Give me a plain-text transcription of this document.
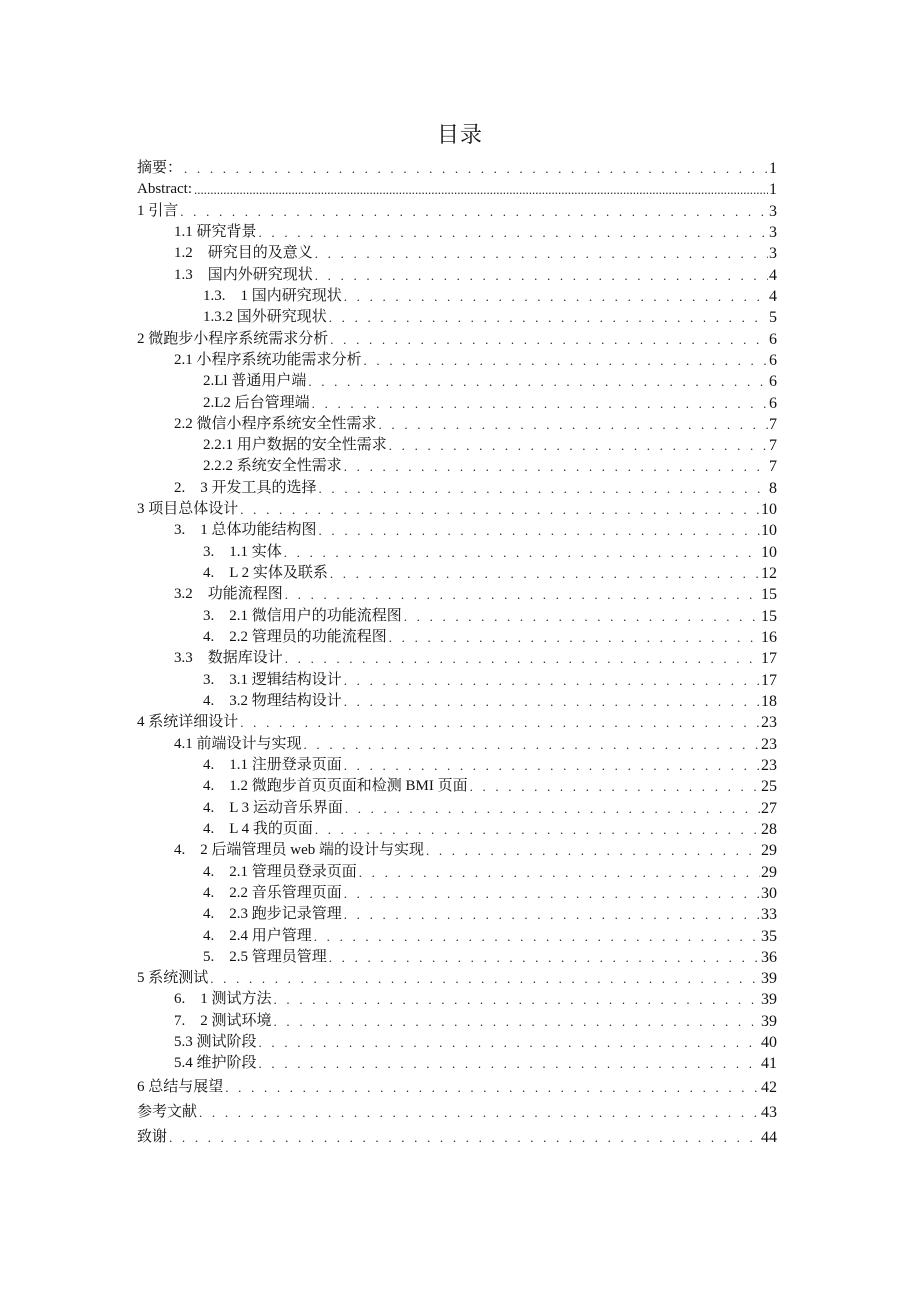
目录
摘要： . . .	1
Abstract: .....	1
1 引言 . . .	3
1.1 研究背景 . . .	3
1.2　研究目的及意义 . . .	3
1.3　国内外研究现状 . . .	4
1.3.　1 国内研究现状 . . .	4
1.3.2 国外研究现状 . . .	5
2 微跑步小程序系统需求分析 . . .	6
2.1 小程序系统功能需求分析 . . .	6
2.Ll 普通用户端 . . .	6
2.L2 后台管理端 . . .	6
2.2 微信小程序系统安全性需求 . . .	7
2.2.1 用户数据的安全性需求 . . .	7
2.2.2 系统安全性需求 . . .	7
2.　3 开发工具的选择 . . .	8
3 项目总体设计 . . .	10
3.　1 总体功能结构图 . . .	10
3.　1.1 实体 . . .	10
4.　L 2 实体及联系 . . .	12
3.2　功能流程图 . . .	15
3.　2.1 微信用户的功能流程图 . . .	15
4.　2.2 管理员的功能流程图 . . .	16
3.3　数据库设计 . . .	17
3.　3.1 逻辑结构设计 . . .	17
4.　3.2 物理结构设计 . . .	18
4 系统详细设计 . . .	23
4.1 前端设计与实现 . . .	23
4.　1.1 注册登录页面 . . .	23
4.　1.2 微跑步首页页面和检测 BMI 页面 . . .	25
4.　L 3 运动音乐界面 . . .	27
4.　L 4 我的页面 . . .	28
4.　2 后端管理员 web 端的设计与实现 . . .	29
4.　2.1 管理员登录页面 . . .	29
4.　2.2 音乐管理页面 . . .	30
4.　2.3 跑步记录管理 . . .	33
4.　2.4 用户管理 . . .	35
5.　2.5 管理员管理 . . .	36
5 系统测试 . . .	39
6.　1 测试方法 . . .	39
7.　2 测试环境 . . .	39
5.3 测试阶段 . . .	40
5.4 维护阶段 . . .	41
6 总结与展望 . . .	42
参考文献 . . .	43
致谢 . . .	44
